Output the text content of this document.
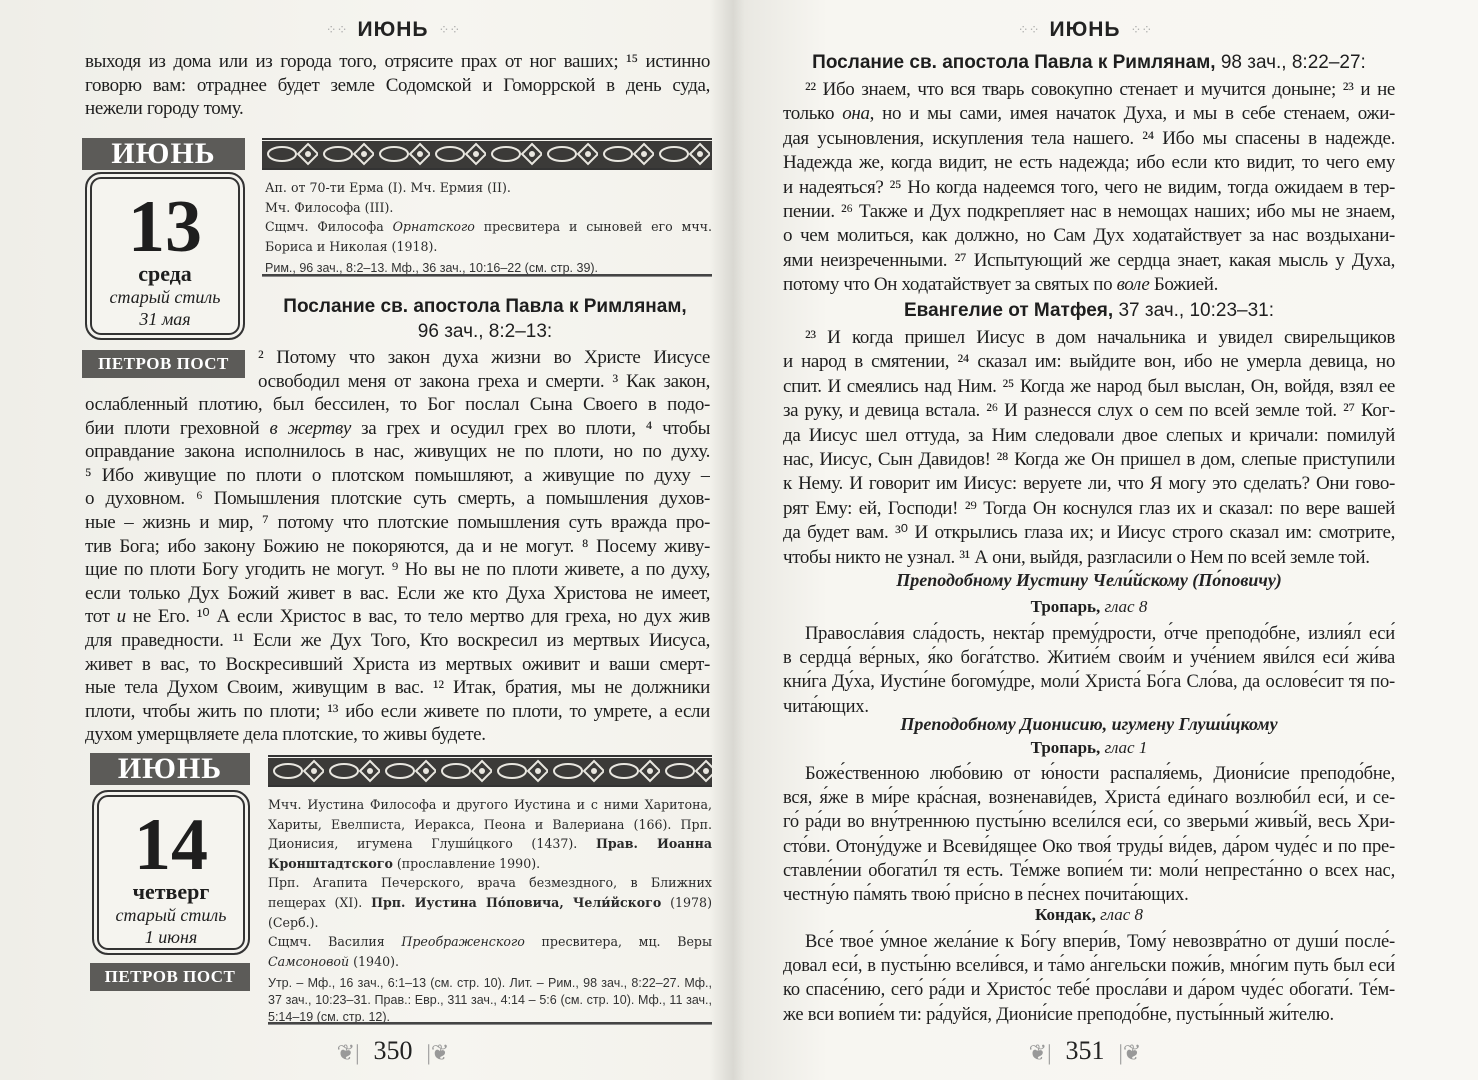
⁘⁘ ИЮНЬ ⁘⁘
выходя из дома или из города того, отрясите прах от ног ваших; ¹⁵ истинно
говорю вам: отраднее будет земле Содомской и Гоморрской в день суда,
нежели городу тому.
ИЮНЬ
13
среда
старый стиль
31 мая
ПЕТРОВ ПОСТ

Ап. от 70-ти Ерма (I). Мч. Ермия (II).

Мч. Философа (III).

Сщмч. Философа Орнатского пресвитера и сыновей его мчч. Бориса и Николая (1918).

Рим., 96 зач., 8:2–13. Мф., 36 зач., 10:16–22 (см. стр. 39).
Послание св. апостола Павла к Римлянам,
96 зач., 8:2–13:
² Потому что закон духа жизни во Христе Иисусе
освободил меня от закона греха и смерти. ³ Как закон,
ослабленный плотию, был бессилен, то Бог послал Сына Своего в подо-
бии плоти греховной в жертву за грех и осудил грех во плоти, ⁴ чтобы
оправдание закона исполнилось в нас, живущих не по плоти, но по духу.
⁵ Ибо живущие по плоти о плотском помышляют, а живущие по духу –
о духовном. ⁶ Помышления плотские суть смерть, а помышления духов-
ные – жизнь и мир, ⁷ потому что плотские помышления суть вражда про-
тив Бога; ибо закону Божию не покоряются, да и не могут. ⁸ Посему живу-
щие по плоти Богу угодить не могут. ⁹ Но вы не по плоти живете, а по духу,
если только Дух Божий живет в вас. Если же кто Духа Христова не имеет,
тот и не Его. ¹⁰ А если Христос в вас, то тело мертво для греха, но дух жив
для праведности. ¹¹ Если же Дух Того, Кто воскресил из мертвых Иисуса,
живет в вас, то Воскресивший Христа из мертвых оживит и ваши смерт-
ные тела Духом Своим, живущим в вас. ¹² Итак, братия, мы не должники
плоти, чтобы жить по плоти; ¹³ ибо если живете по плоти, то умрете, а если
духом умерщвляете дела плотские, то живы будете.
ИЮНЬ
14
четверг
старый стиль
1 июня
ПЕТРОВ ПОСТ

Мчч. Иустина Философа и другого Иустина и с ними Харитона, Хариты, Евелписта, Иеракса, Пеона и Валериана (166). Прп. Дионисия, игумена Глуши́цкого (1437). Прав. Иоанна Кронштадтского (прославление 1990).

Прп. Агапита Печерского, врача безмездного, в Ближних пещерах (XI). Прп. Иустина По́повича, Чели́йского (1978) (Серб.).

Сщмч. Василия Преображенского пресвитера, мц. Веры Самсоновой (1940).

Утр. – Мф., 16 зач., 6:1–13 (см. стр. 10). Лит. – Рим., 98 зач., 8:22–27. Мф., 37 зач., 10:23–31. Прав.: Евр., 311 зач., 4:14 – 5:6 (см. стр. 10). Мф., 11 зач., 5:14–19 (см. стр. 12).
❦| 350 |❦
⁘⁘ ИЮНЬ ⁘⁘
Послание св. апостола Павла к Римлянам, 98 зач., 8:22–27:
²² Ибо знаем, что вся тварь совокупно стенает и мучится доныне; ²³ и не
только она, но и мы сами, имея начаток Духа, и мы в себе стенаем, ожи-
дая усыновления, искупления тела нашего. ²⁴ Ибо мы спасены в надежде.
Надежда же, когда видит, не есть надежда; ибо если кто видит, то чего ему
и надеяться? ²⁵ Но когда надеемся того, чего не видим, тогда ожидаем в тер-
пении. ²⁶ Также и Дух подкрепляет нас в немощах наших; ибо мы не знаем,
о чем молиться, как должно, но Сам Дух ходатайствует за нас воздыхани-
ями неизреченными. ²⁷ Испытующий же сердца знает, какая мысль у Духа,
потому что Он ходатайствует за святых по воле Божией.
Евангелие от Матфея, 37 зач., 10:23–31:
²³ И когда пришел Иисус в дом начальника и увидел свирельщиков
и народ в смятении, ²⁴ сказал им: выйдите вон, ибо не умерла девица, но
спит. И смеялись над Ним. ²⁵ Когда же народ был выслан, Он, войдя, взял ее
за руку, и девица встала. ²⁶ И разнесся слух о сем по всей земле той. ²⁷ Ког-
да Иисус шел оттуда, за Ним следовали двое слепых и кричали: помилуй
нас, Иисус, Сын Давидов! ²⁸ Когда же Он пришел в дом, слепые приступили
к Нему. И говорит им Иисус: веруете ли, что Я могу это сделать? Они гово-
рят Ему: ей, Господи! ²⁹ Тогда Он коснулся глаз их и сказал: по вере вашей
да будет вам. ³⁰ И открылись глаза их; и Иисус строго сказал им: смотрите,
чтобы никто не узнал. ³¹ А они, выйдя, разгласили о Нем по всей земле той.
Преподобному Иустину Чели́йскому (По́повичу)
Тропарь, глас 8
Правосла́вия сла́дость, некта́р прему́дрости, о́тче преподо́бне, излия́л еси́
в сердца́ ве́рных, я́ко бога́тство. Житие́м свои́м и уче́нием яви́лся еси́ жи́ва
кни́га Ду́ха, Иусти́не богому́дре, моли́ Христа́ Бо́га Сло́ва, да ослове́сит тя по-
чита́ющих.
Преподобному Дионисию, игумену Глуши́цкому
Тропарь, глас 1
Боже́ственною любо́вию от ю́ности распаля́емь, Диони́сие преподо́бне,
вся, я́же в ми́ре кра́сная, возненави́дев, Христа́ еди́наго возлюби́л еси́, и се-
го́ ра́ди во вну́треннюю пусты́ню всели́лся еси́, со зверьми́ живы́й, весь Хри-
сто́ви. Отону́дуже и Всеви́дящее Око твоя́ труды́ ви́дев, да́ром чуде́с и по пре-
ставле́нии обогати́л тя есть. Те́мже вопие́м ти: моли́ непреста́нно о всех нас,
честну́ю па́мять твою́ при́сно в пе́снех почита́ющих.
Кондак, глас 8
Все́ твое́ у́мное жела́ние к Бо́гу впери́в, Тому́ невозвра́тно от души́ после́-
довал еси́, в пусты́ню всели́вся, и та́мо а́нгельски пожи́в, мно́гим путь был еси́
ко спасе́нию, сего́ ра́ди и Христо́с тебе́ просла́ви и да́ром чуде́с обогати́. Те́м-
же вси вопие́м ти: ра́дуйся, Диони́сие преподо́бне, пусты́нный жи́телю.
❦| 351 |❦
